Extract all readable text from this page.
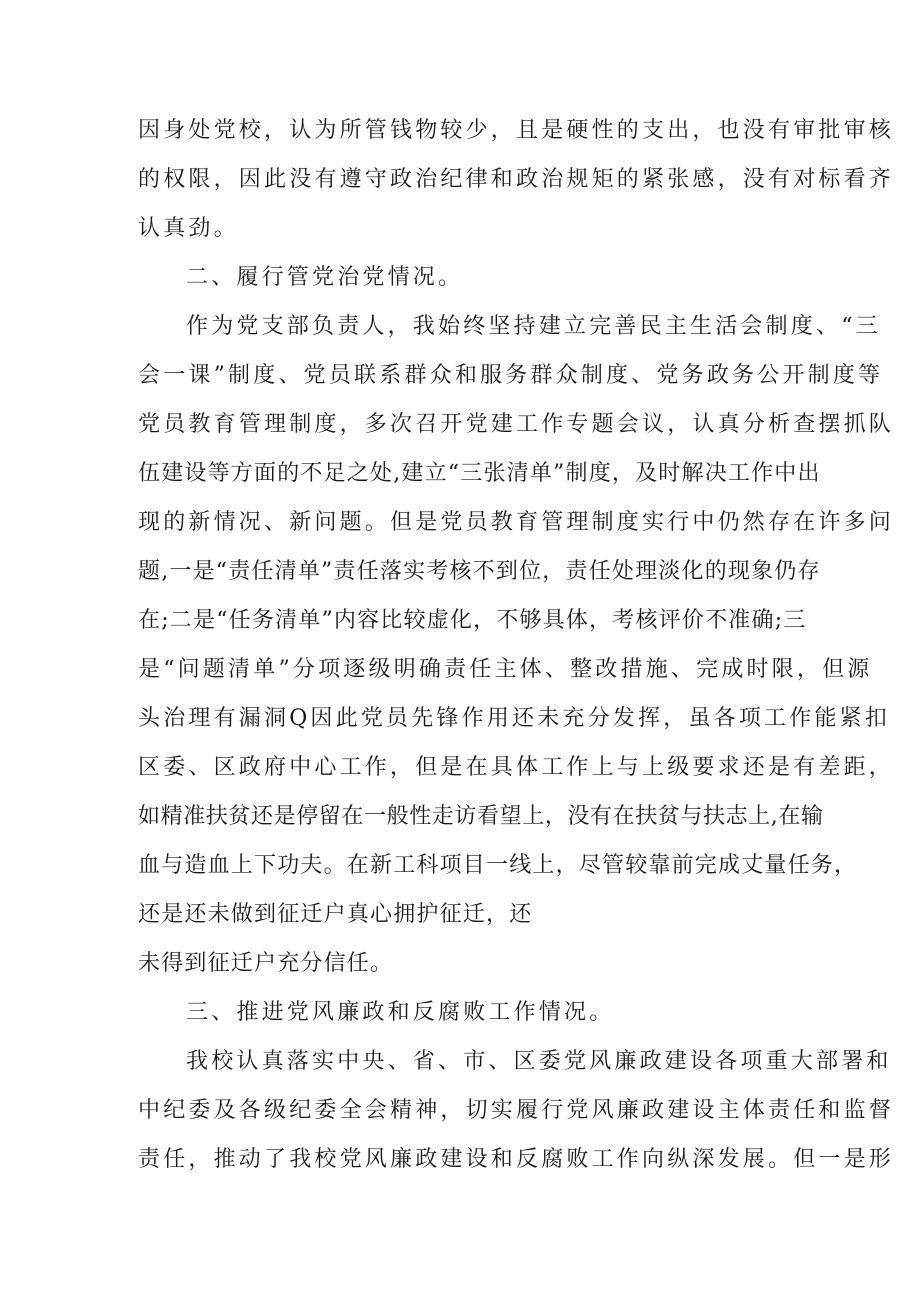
因身处党校，认为所管钱物较少，且是硬性的支出，也没有审批审核
的权限，因此没有遵守政治纪律和政治规矩的紧张感，没有对标看齐
认真劲。
二、履行管党治党情况。
作为党支部负责人，我始终坚持建立完善民主生活会制度、“三
会一课”制度、党员联系群众和服务群众制度、党务政务公开制度等
党员教育管理制度，多次召开党建工作专题会议，认真分析查摆抓队
伍建设等方面的不足之处,建立“三张清单”制度，及时解决工作中出
现的新情况、新问题。但是党员教育管理制度实行中仍然存在许多问
题,一是“责任清单”责任落实考核不到位，责任处理淡化的现象仍存
在;二是“任务清单”内容比较虚化，不够具体，考核评价不准确;三
是“问题清单”分项逐级明确责任主体、整改措施、完成时限，但源
头治理有漏洞Q因此党员先锋作用还未充分发挥，虽各项工作能紧扣
区委、区政府中心工作，但是在具体工作上与上级要求还是有差距，
如精准扶贫还是停留在一般性走访看望上，没有在扶贫与扶志上,在输
血与造血上下功夫。在新工科项目一线上，尽管较靠前完成丈量任务，
还是还未做到征迁户真心拥护征迁，还
未得到征迁户充分信任。
三、推进党风廉政和反腐败工作情况。
我校认真落实中央、省、市、区委党风廉政建设各项重大部署和
中纪委及各级纪委全会精神，切实履行党风廉政建设主体责任和监督
责任，推动了我校党风廉政建设和反腐败工作向纵深发展。但一是形
